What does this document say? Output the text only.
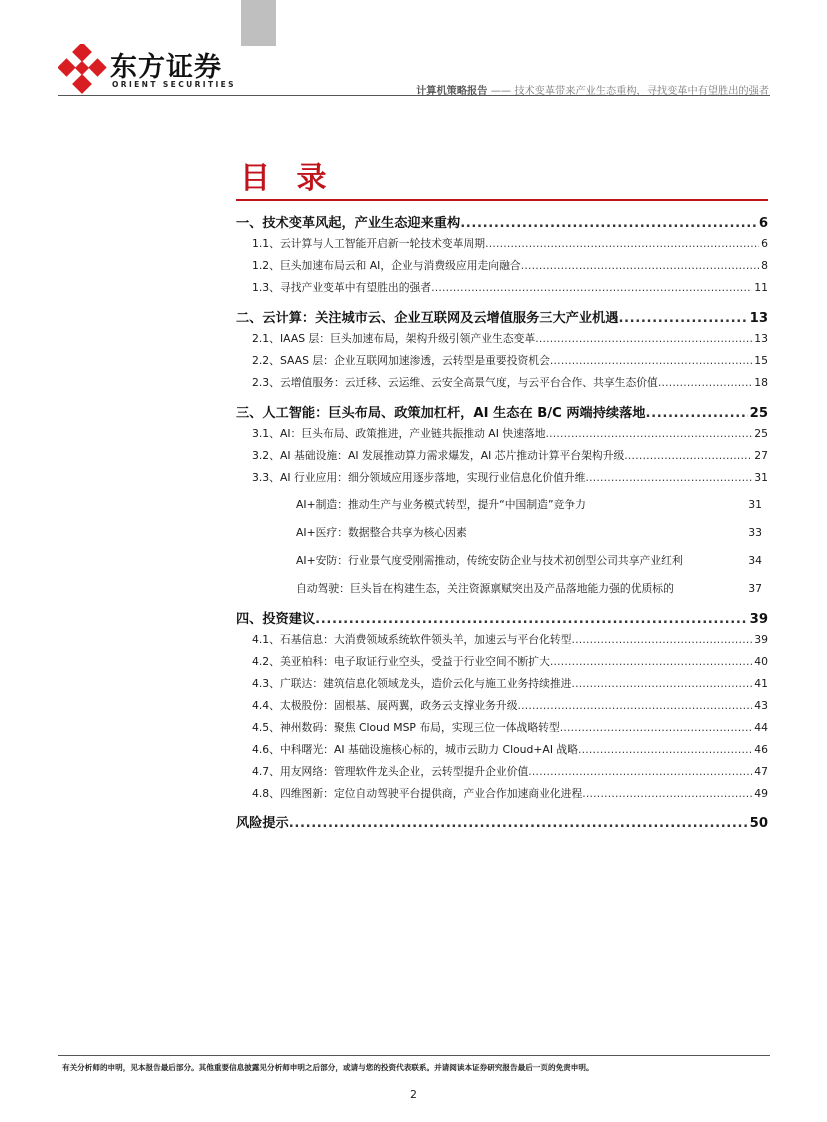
东方证券
ORIENT SECURITIES
计算机策略报告 —— 技术变革带来产业生态重构，寻找变革中有望胜出的强者
目 录
一、技术变革风起，产业生态迎来重构 .....	6
1.1、云计算与人工智能开启新一轮技术变革周期 .....	6
1.2、巨头加速布局云和 AI，企业与消费级应用走向融合 .....	8
1.3、寻找产业变革中有望胜出的强者 .....	11
二、云计算：关注城市云、企业互联网及云增值服务三大产业机遇 .....	13
2.1、IAAS 层：巨头加速布局，架构升级引领产业生态变革 .....	13
2.2、SAAS 层：企业互联网加速渗透，云转型是重要投资机会 .....	15
2.3、云增值服务：云迁移、云运维、云安全高景气度，与云平台合作、共享生态价值 .....	18
三、人工智能：巨头布局、政策加杠杆，AI 生态在 B/C 两端持续落地 .....	25
3.1、AI：巨头布局、政策推进，产业链共振推动 AI 快速落地 .....	25
3.2、AI 基础设施：AI 发展推动算力需求爆发，AI 芯片推动计算平台架构升级 .....	27
3.3、AI 行业应用：细分领域应用逐步落地，实现行业信息化价值升维 .....	31
AI+制造：推动生产与业务模式转型，提升“中国制造”竞争力	31
AI+医疗：数据整合共享为核心因素	33
AI+安防：行业景气度受刚需推动，传统安防企业与技术初创型公司共享产业红利	34
自动驾驶：巨头旨在构建生态，关注资源禀赋突出及产品落地能力强的优质标的	37
四、投资建议 .....	39
4.1、石基信息：大消费领域系统软件领头羊，加速云与平台化转型 .....	39
4.2、美亚柏科：电子取证行业空头，受益于行业空间不断扩大 .....	40
4.3、广联达：建筑信息化领域龙头，造价云化与施工业务持续推进 .....	41
4.4、太极股份：固根基、展两翼，政务云支撑业务升级 .....	43
4.5、神州数码：聚焦 Cloud MSP 布局，实现三位一体战略转型 .....	44
4.6、中科曙光：AI 基础设施核心标的，城市云助力 Cloud+AI 战略 .....	46
4.7、用友网络：管理软件龙头企业，云转型提升企业价值 .....	47
4.8、四维图新：定位自动驾驶平台提供商，产业合作加速商业化进程 .....	49
风险提示 .....	50
有关分析师的申明，见本报告最后部分。其他重要信息披露见分析师申明之后部分，或请与您的投资代表联系。并请阅读本证券研究报告最后一页的免责申明。
2
